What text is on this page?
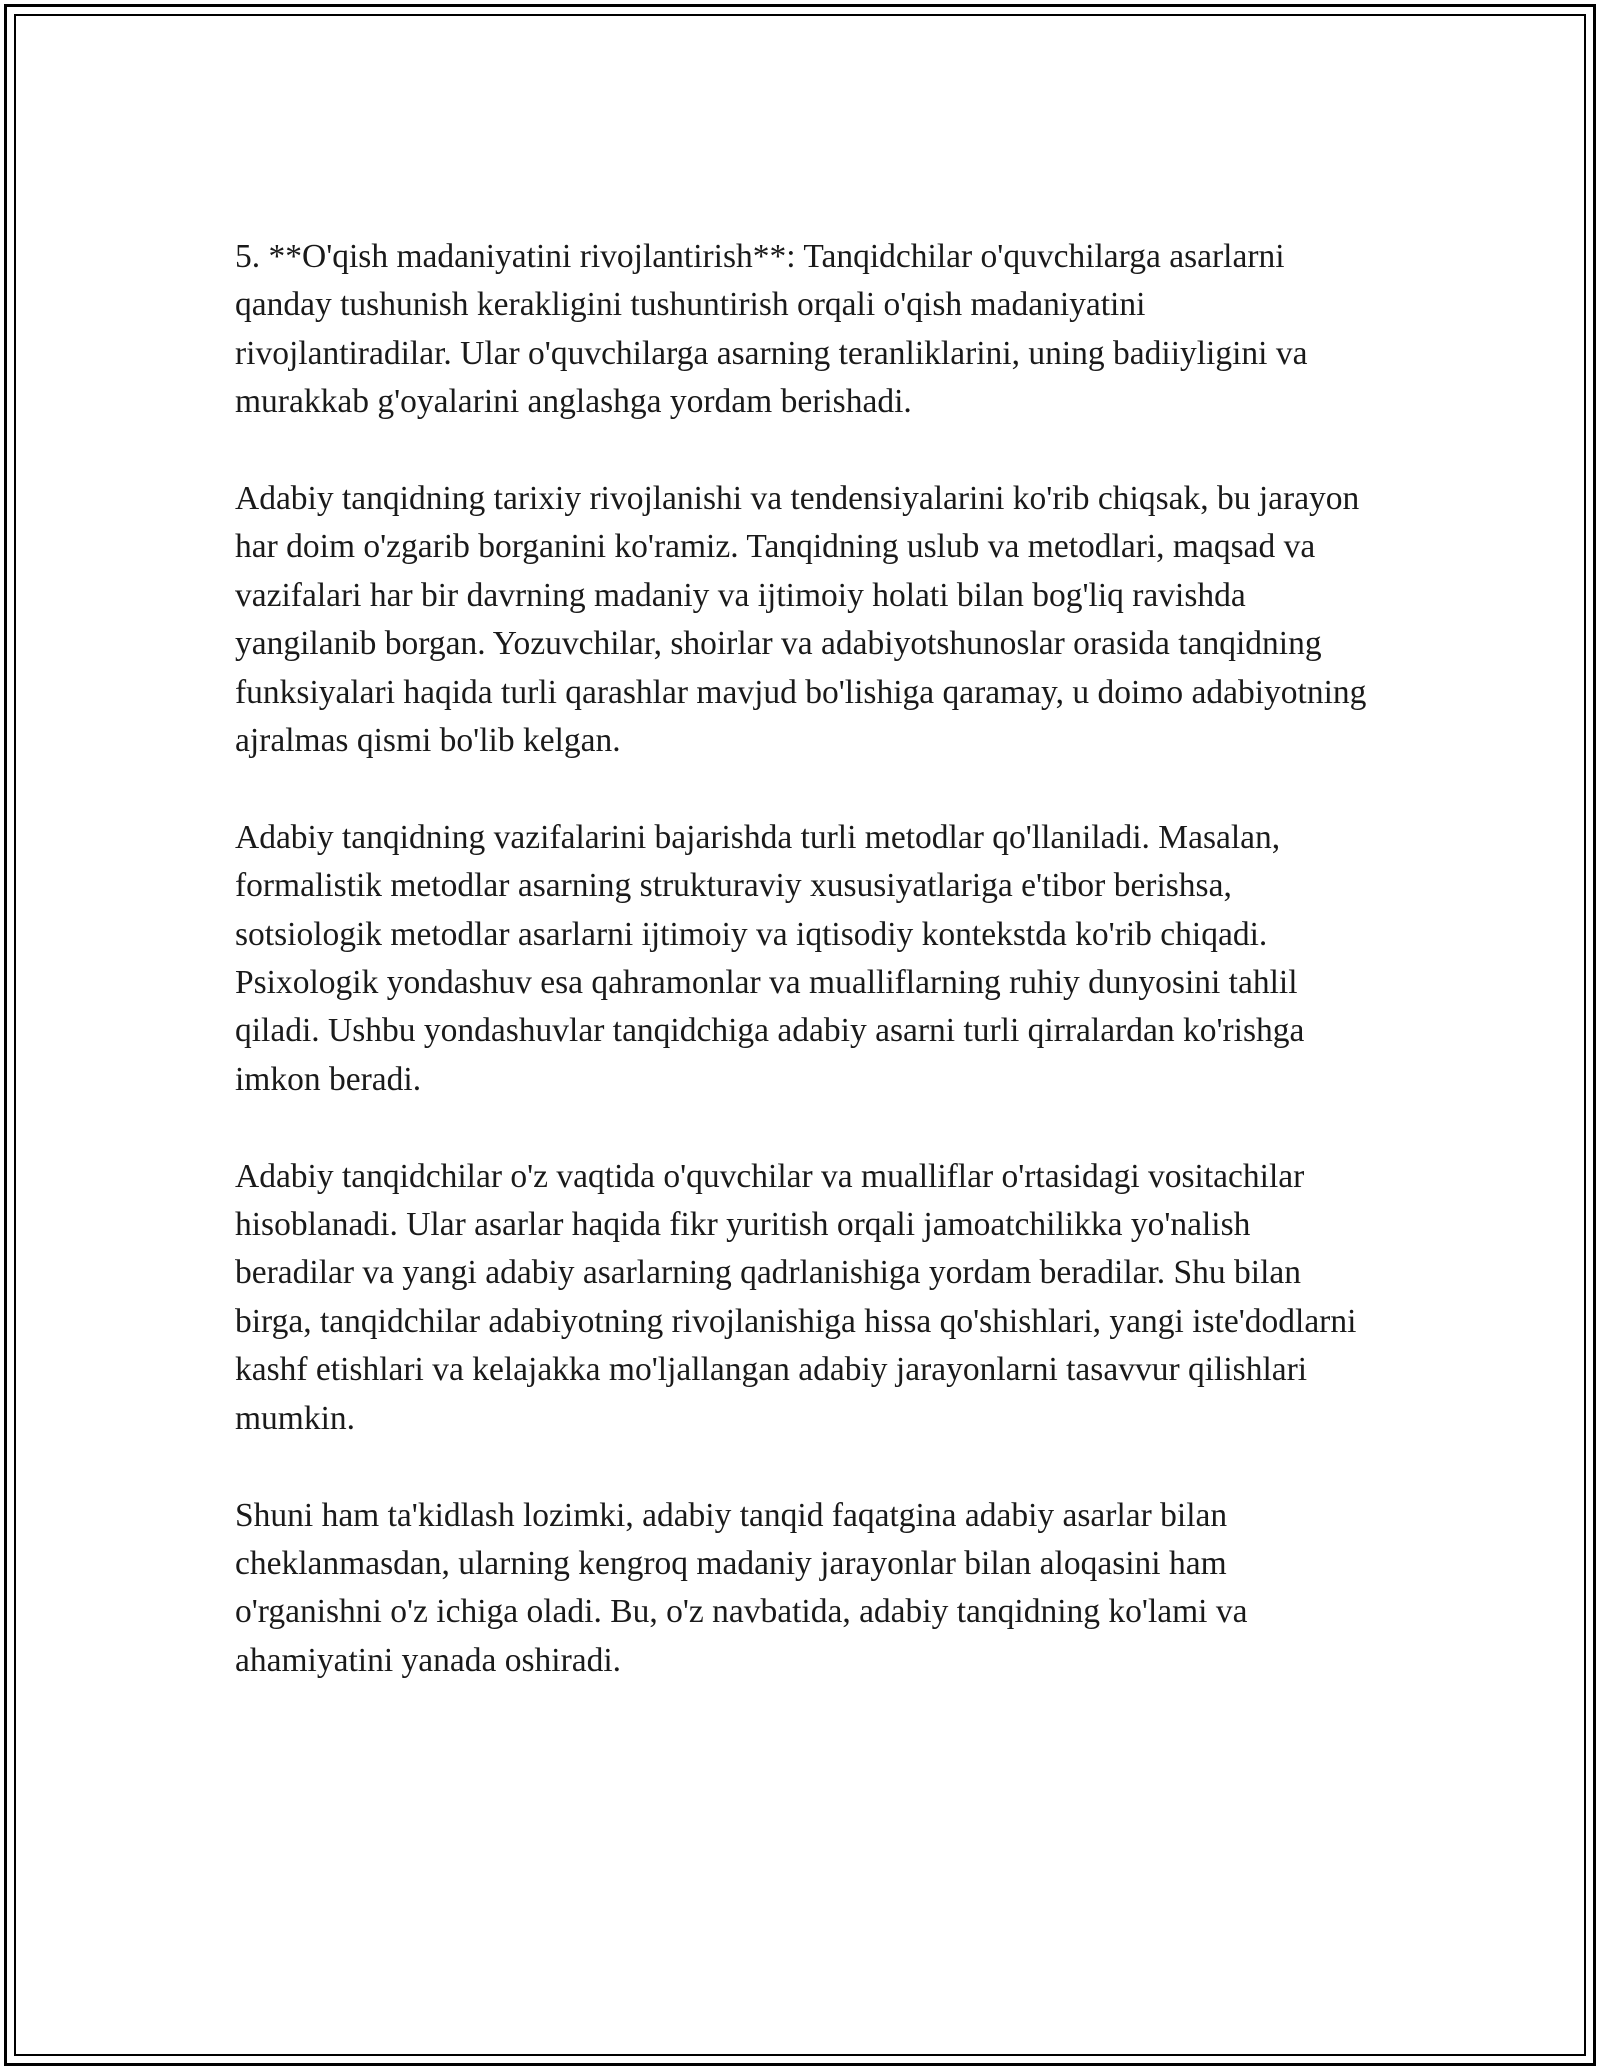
5. **O'qish madaniyatini rivojlantirish**: Tanqidchilar o'quvchilarga asarlarni qanday tushunish kerakligini tushuntirish orqali o'qish madaniyatini rivojlantiradilar. Ular o'quvchilarga asarning teranliklarini, uning badiiyligini va murakkab g'oyalarini anglashga yordam berishadi.

Adabiy tanqidning tarixiy rivojlanishi va tendensiyalarini ko'rib chiqsak, bu jarayon har doim o'zgarib borganini ko'ramiz. Tanqidning uslub va metodlari, maqsad va vazifalari har bir davrning madaniy va ijtimoiy holati bilan bog'liq ravishda yangilanib borgan. Yozuvchilar, shoirlar va adabiyotshunoslar orasida tanqidning funksiyalari haqida turli qarashlar mavjud bo'lishiga qaramay, u doimo adabiyotning ajralmas qismi bo'lib kelgan.

Adabiy tanqidning vazifalarini bajarishda turli metodlar qo'llaniladi. Masalan, formalistik metodlar asarning strukturaviy xususiyatlariga e'tibor berishsa, sotsiologik metodlar asarlarni ijtimoiy va iqtisodiy kontekstda ko'rib chiqadi. Psixologik yondashuv esa qahramonlar va mualliflarning ruhiy dunyosini tahlil qiladi. Ushbu yondashuvlar tanqidchiga adabiy asarni turli qirralardan ko'rishga imkon beradi.

Adabiy tanqidchilar o'z vaqtida o'quvchilar va mualliflar o'rtasidagi vositachilar hisoblanadi. Ular asarlar haqida fikr yuritish orqali jamoatchilikka yo'nalish beradilar va yangi adabiy asarlarning qadrlanishiga yordam beradilar. Shu bilan birga, tanqidchilar adabiyotning rivojlanishiga hissa qo'shishlari, yangi iste'dodlarni kashf etishlari va kelajakka mo'ljallangan adabiy jarayonlarni tasavvur qilishlari mumkin.

Shuni ham ta'kidlash lozimki, adabiy tanqid faqatgina adabiy asarlar bilan cheklanmasdan, ularning kengroq madaniy jarayonlar bilan aloqasini ham o'rganishni o'z ichiga oladi. Bu, o'z navbatida, adabiy tanqidning ko'lami va ahamiyatini yanada oshiradi.
